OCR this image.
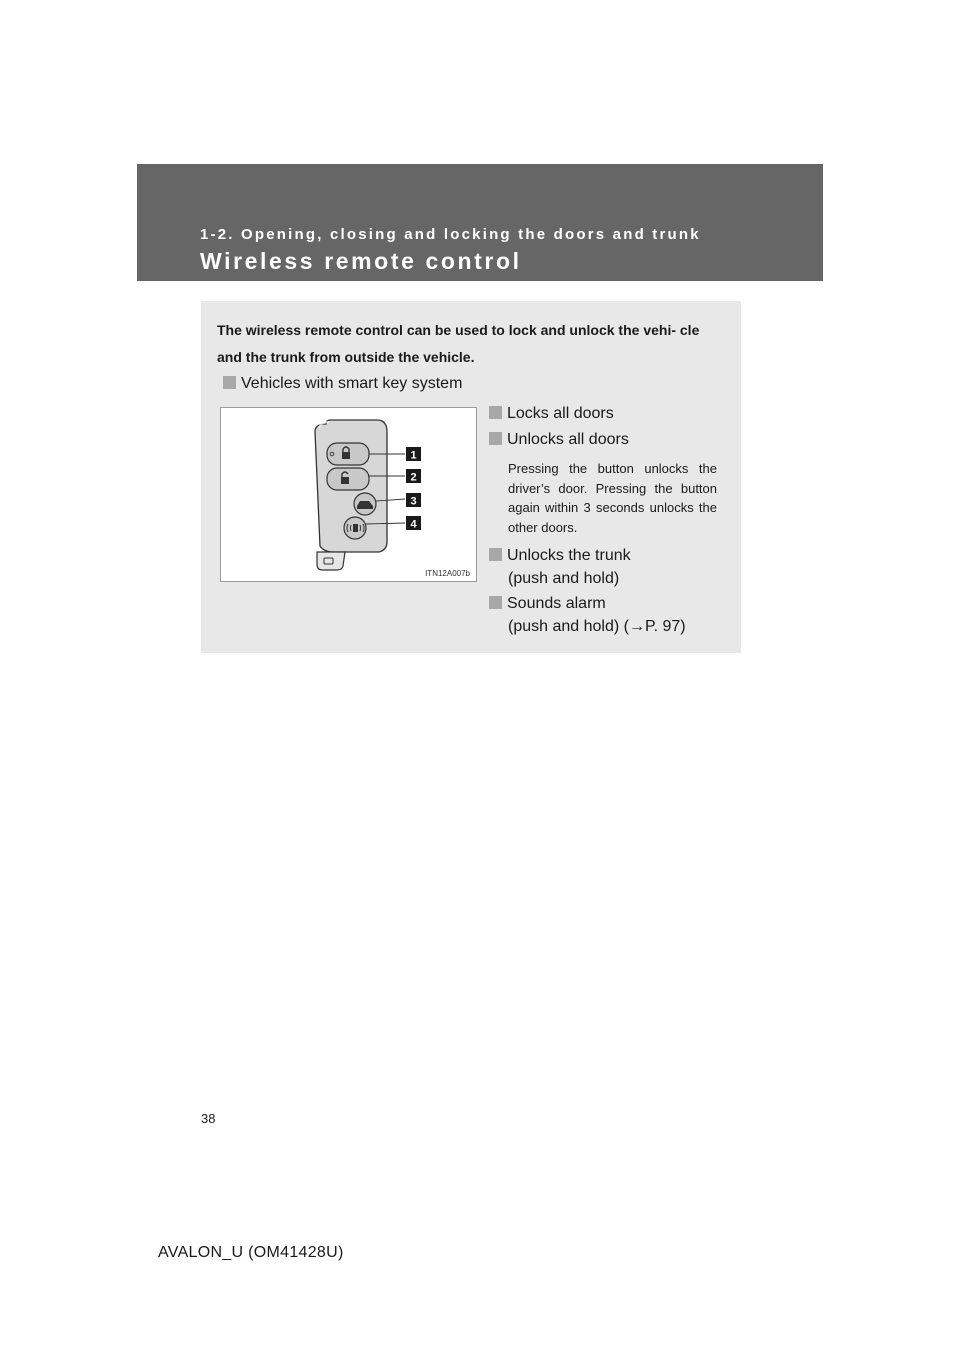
1-2. Opening, closing and locking the doors and trunk
Wireless remote control
The wireless remote control can be used to lock and unlock the vehi- cle and the trunk from outside the vehicle.
Vehicles with smart key system
1
2
3
4
ITN12A007b
Locks all doors
Unlocks all doors
Pressing the button unlocks the driver’s door. Pressing the button again within 3 seconds unlocks the other doors.
Unlocks the trunk
(push and hold)
Sounds alarm
(push and hold) (→P. 97)
38
AVALON_U (OM41428U)
